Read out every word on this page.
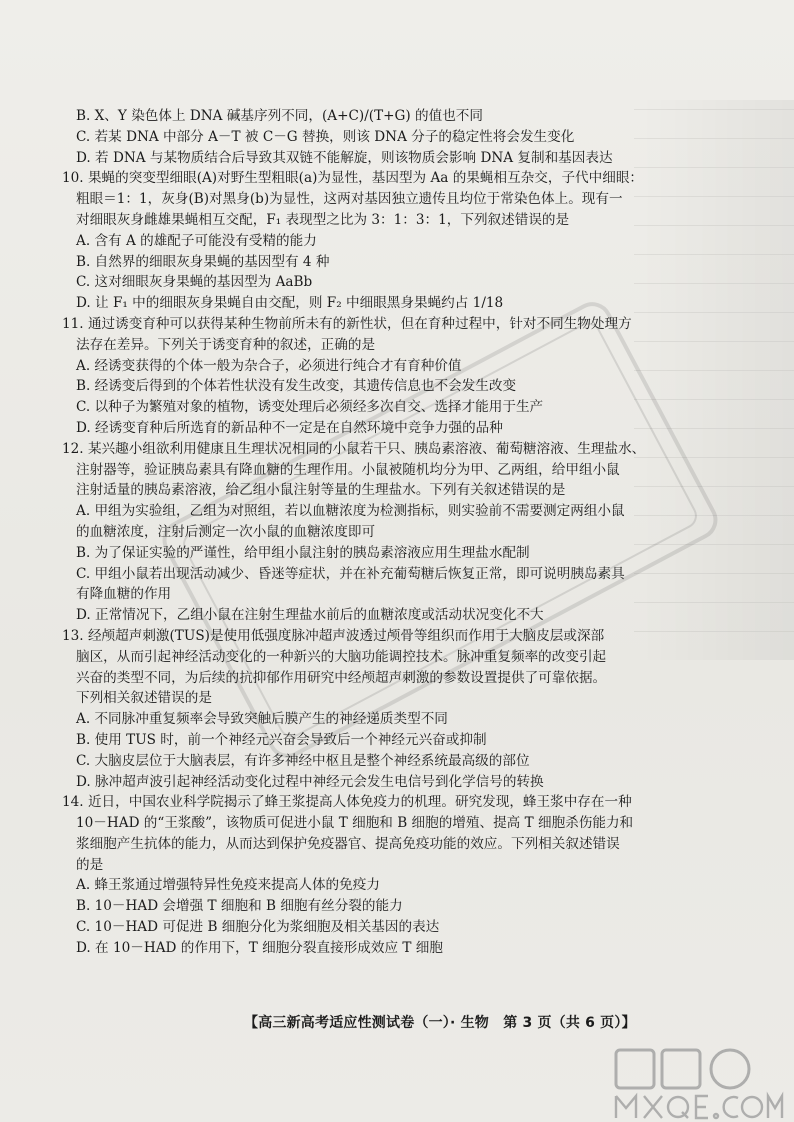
B. X、Y 染色体上 DNA 碱基序列不同，(A+C)/(T+G) 的值也不同
C. 若某 DNA 中部分 A－T 被 C－G 替换，则该 DNA 分子的稳定性将会发生变化
D. 若 DNA 与某物质结合后导致其双链不能解旋，则该物质会影响 DNA 复制和基因表达
10. 果蝇的突变型细眼(A)对野生型粗眼(a)为显性，基因型为 Aa 的果蝇相互杂交，子代中细眼：
粗眼＝1：1，灰身(B)对黑身(b)为显性，这两对基因独立遗传且均位于常染色体上。现有一
对细眼灰身雌雄果蝇相互交配，F₁ 表现型之比为 3：1：3：1，下列叙述错误的是
A. 含有 A 的雄配子可能没有受精的能力
B. 自然界的细眼灰身果蝇的基因型有 4 种
C. 这对细眼灰身果蝇的基因型为 AaBb
D. 让 F₁ 中的细眼灰身果蝇自由交配，则 F₂ 中细眼黑身果蝇约占 1/18
11. 通过诱变育种可以获得某种生物前所未有的新性状，但在育种过程中，针对不同生物处理方
法存在差异。下列关于诱变育种的叙述，正确的是
A. 经诱变获得的个体一般为杂合子，必须进行纯合才有育种价值
B. 经诱变后得到的个体若性状没有发生改变，其遗传信息也不会发生改变
C. 以种子为繁殖对象的植物，诱变处理后必须经多次自交、选择才能用于生产
D. 经诱变育种后所选育的新品种不一定是在自然环境中竞争力强的品种
12. 某兴趣小组欲利用健康且生理状况相同的小鼠若干只、胰岛素溶液、葡萄糖溶液、生理盐水、
注射器等，验证胰岛素具有降血糖的生理作用。小鼠被随机均分为甲、乙两组，给甲组小鼠
注射适量的胰岛素溶液，给乙组小鼠注射等量的生理盐水。下列有关叙述错误的是
A. 甲组为实验组，乙组为对照组，若以血糖浓度为检测指标，则实验前不需要测定两组小鼠
的血糖浓度，注射后测定一次小鼠的血糖浓度即可
B. 为了保证实验的严谨性，给甲组小鼠注射的胰岛素溶液应用生理盐水配制
C. 甲组小鼠若出现活动减少、昏迷等症状，并在补充葡萄糖后恢复正常，即可说明胰岛素具
有降血糖的作用
D. 正常情况下，乙组小鼠在注射生理盐水前后的血糖浓度或活动状况变化不大
13. 经颅超声刺激(TUS)是使用低强度脉冲超声波透过颅骨等组织而作用于大脑皮层或深部
脑区，从而引起神经活动变化的一种新兴的大脑功能调控技术。脉冲重复频率的改变引起
兴奋的类型不同，为后续的抗抑郁作用研究中经颅超声刺激的参数设置提供了可靠依据。
下列相关叙述错误的是
A. 不同脉冲重复频率会导致突触后膜产生的神经递质类型不同
B. 使用 TUS 时，前一个神经元兴奋会导致后一个神经元兴奋或抑制
C. 大脑皮层位于大脑表层，有许多神经中枢且是整个神经系统最高级的部位
D. 脉冲超声波引起神经活动变化过程中神经元会发生电信号到化学信号的转换
14. 近日，中国农业科学院揭示了蜂王浆提高人体免疫力的机理。研究发现，蜂王浆中存在一种
10－HAD 的“王浆酸”，该物质可促进小鼠 T 细胞和 B 细胞的增殖、提高 T 细胞杀伤能力和
浆细胞产生抗体的能力，从而达到保护免疫器官、提高免疫功能的效应。下列相关叙述错误
的是
A. 蜂王浆通过增强特异性免疫来提高人体的免疫力
B. 10－HAD 会增强 T 细胞和 B 细胞有丝分裂的能力
C. 10－HAD 可促进 B 细胞分化为浆细胞及相关基因的表达
D. 在 10－HAD 的作用下，T 细胞分裂直接形成效应 T 细胞
【高三新高考适应性测试卷（一）· 生物　第 3 页（共 6 页）】
